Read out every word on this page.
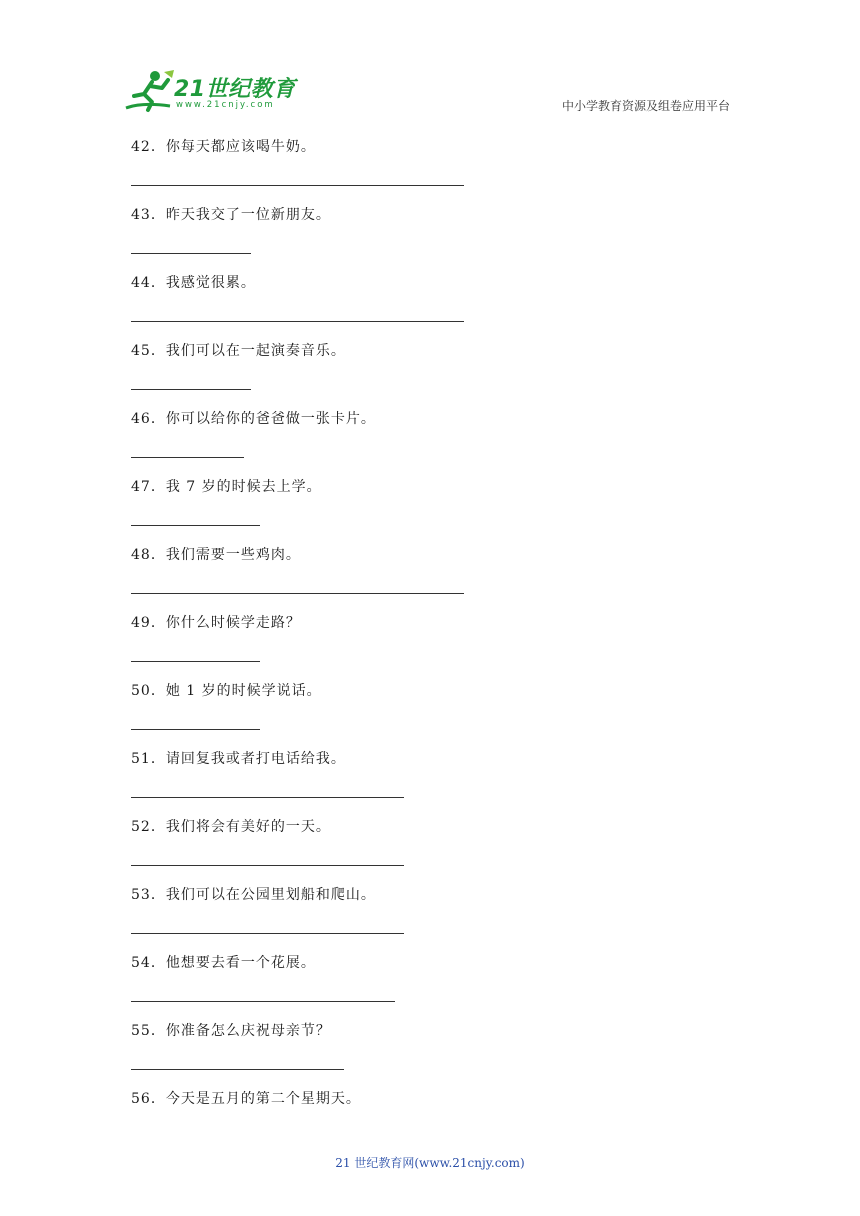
21世纪教育
www.21cnjy.com	中小学教育资源及组卷应用平台
42．你每天都应该喝牛奶。
43．昨天我交了一位新朋友。
44．我感觉很累。
45．我们可以在一起演奏音乐。
46．你可以给你的爸爸做一张卡片。
47．我 7 岁的时候去上学。
48．我们需要一些鸡肉。
49．你什么时候学走路？
50．她 1 岁的时候学说话。
51．请回复我或者打电话给我。
52．我们将会有美好的一天。
53．我们可以在公园里划船和爬山。
54．他想要去看一个花展。
55．你准备怎么庆祝母亲节？
56．今天是五月的第二个星期天。
21 世纪教育网(www.21cnjy.com)
